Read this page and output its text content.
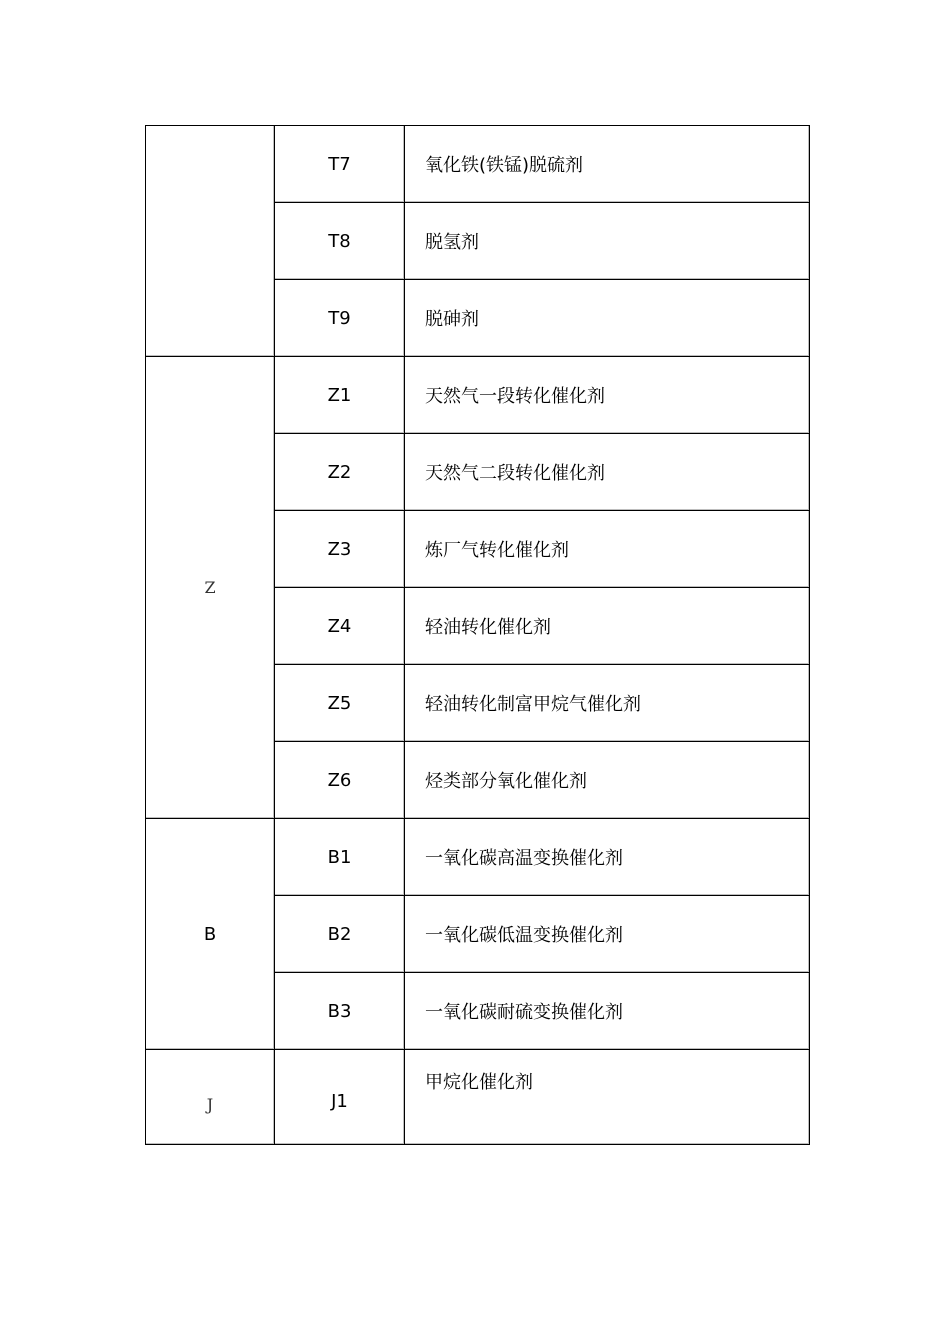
	T7	氧化铁(铁锰)脱硫剂
	T8	脱氢剂
	T9	脱砷剂
Z	Z1	天然气一段转化催化剂
	Z2	天然气二段转化催化剂
	Z3	炼厂气转化催化剂
	Z4	轻油转化催化剂
	Z5	轻油转化制富甲烷气催化剂
	Z6	烃类部分氧化催化剂
B	B1	一氧化碳高温变换催化剂
	B2	一氧化碳低温变换催化剂
	B3	一氧化碳耐硫变换催化剂
J	J1	甲烷化催化剂
